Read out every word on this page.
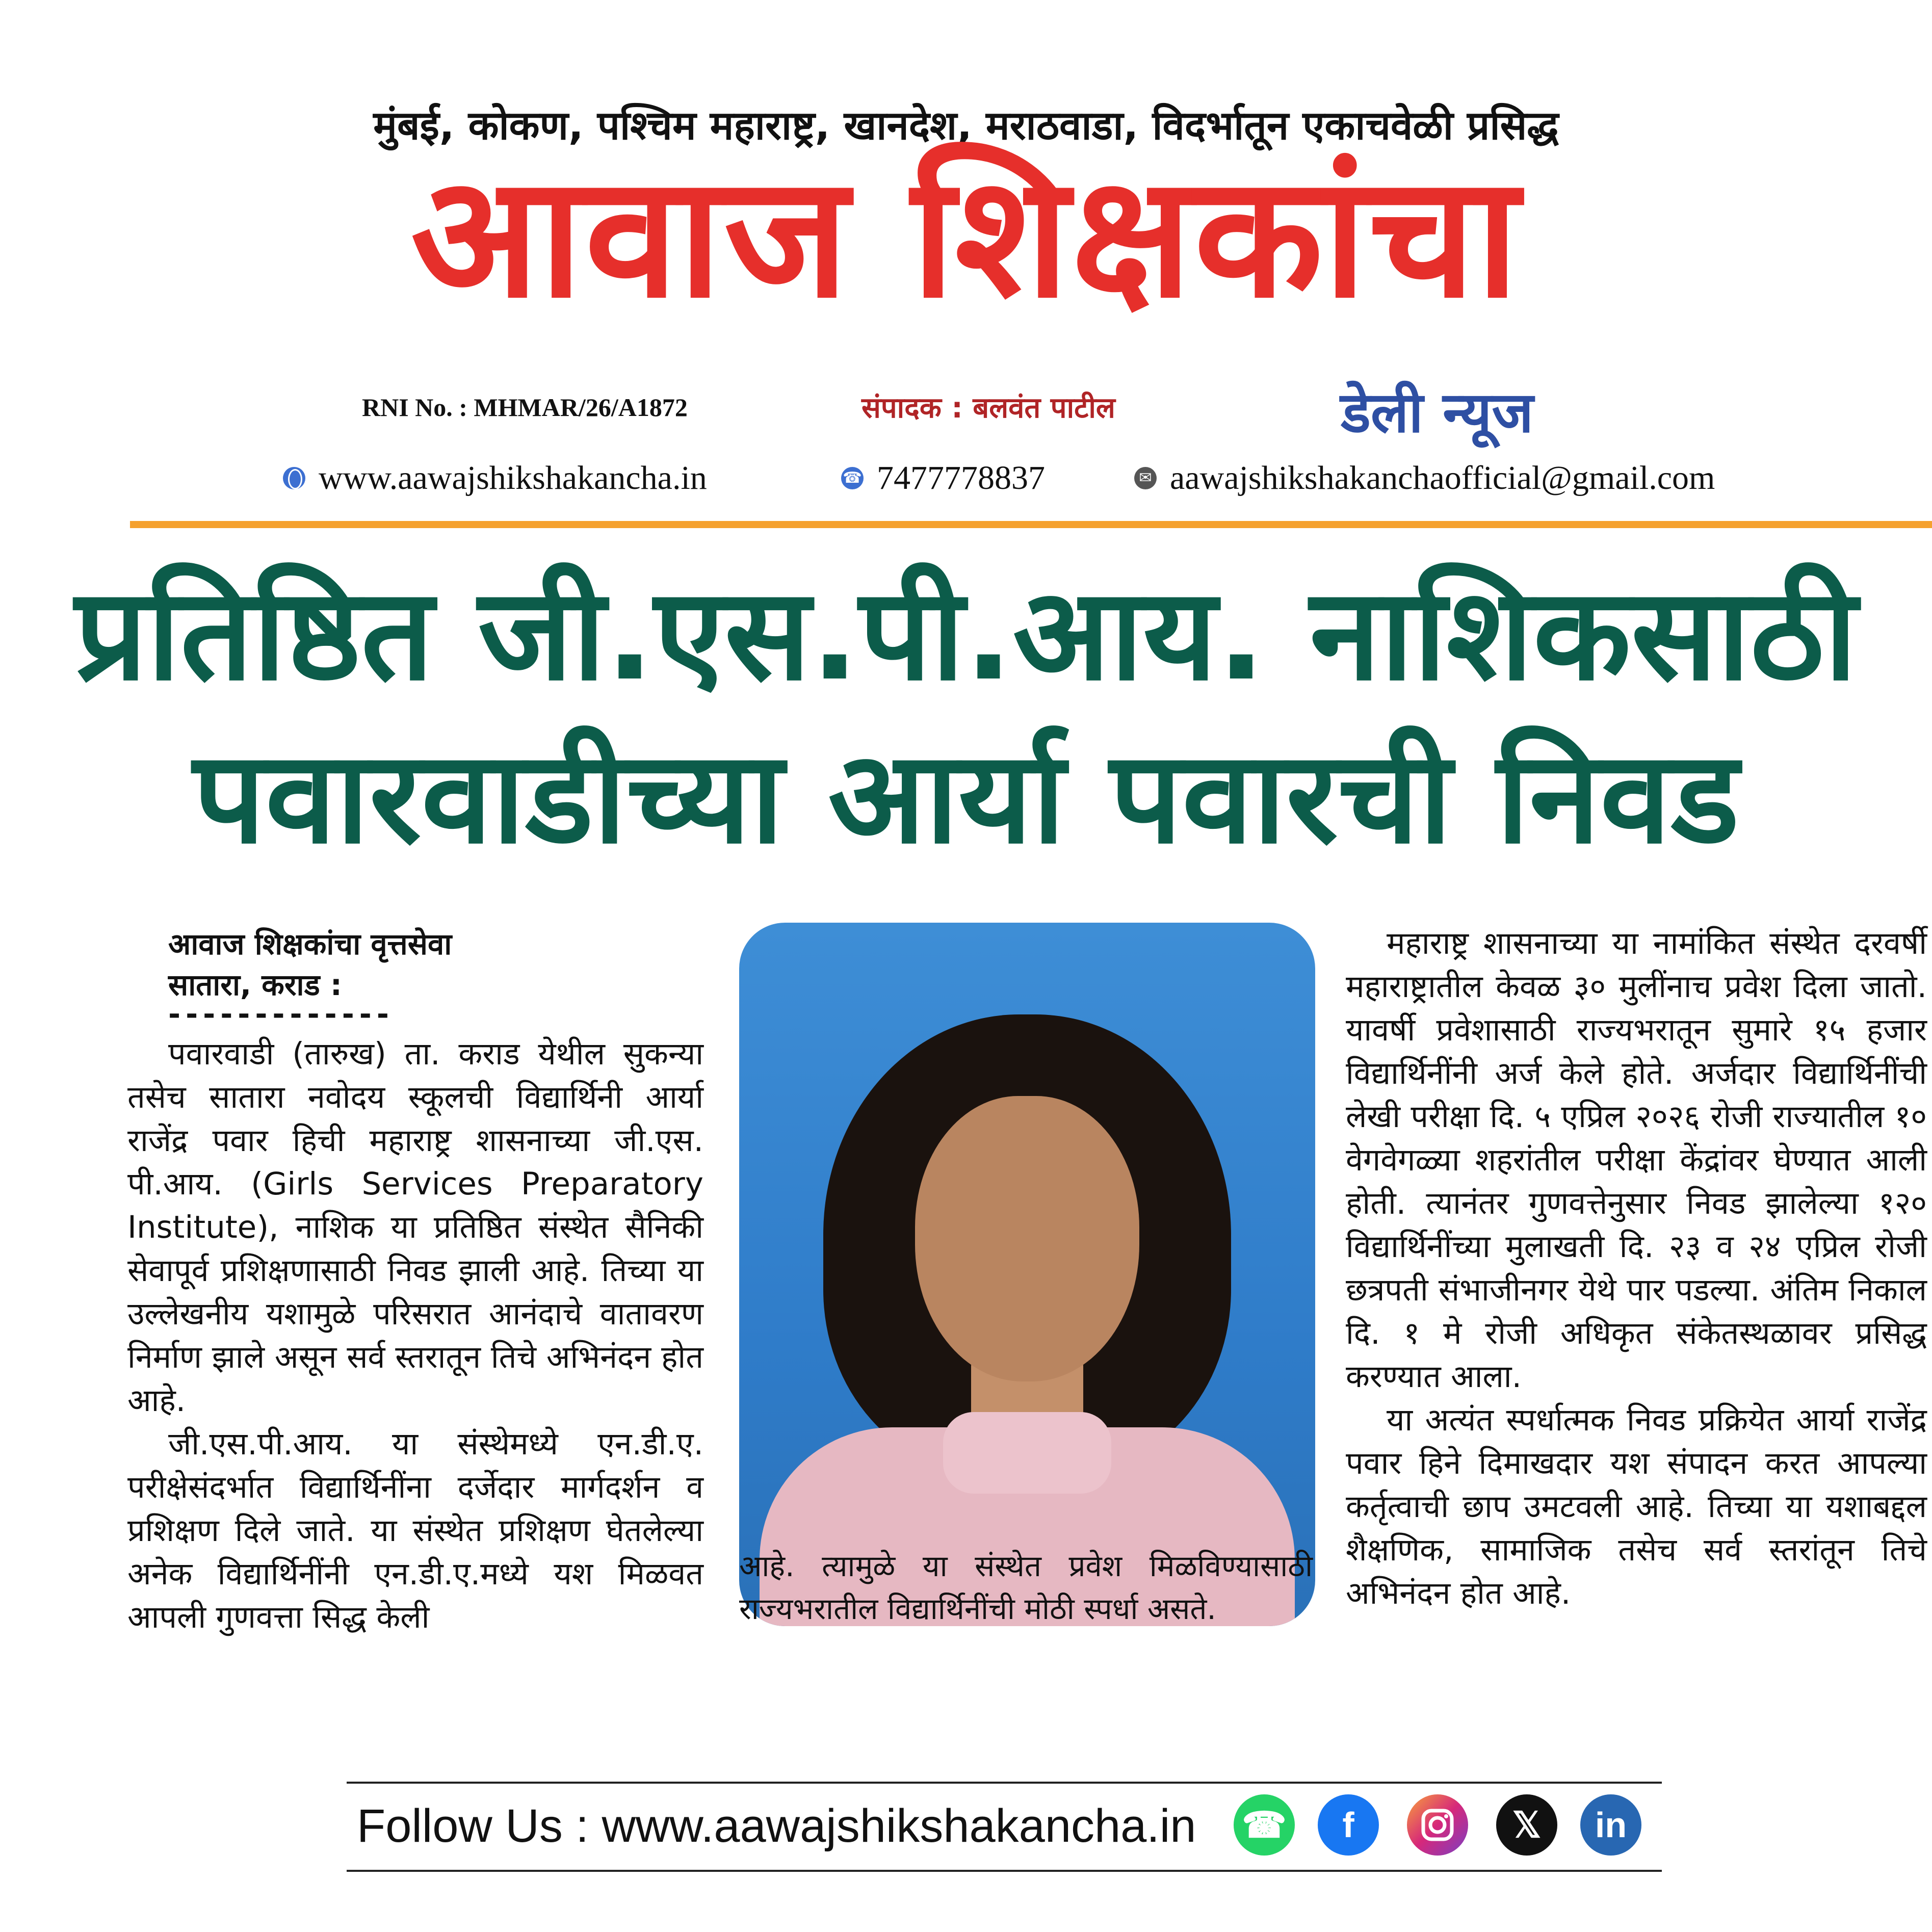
मुंबई, कोकण, पश्चिम महाराष्ट्र, खानदेश, मराठवाडा, विदर्भातून एकाचवेळी प्रसिद्ध
आवाज शिक्षकांचा
RNI No. : MHMAR/26/A1872	संपादक : बलवंत पाटील	डेली न्यूज
www.aawajshikshakancha.in	☎ 7477778837	✉ aawajshikshakanchaofficial@gmail.com
प्रतिष्ठित जी.एस.पी.आय. नाशिकसाठी
पवारवाडीच्या आर्या पवारची निवड
आवाज शिक्षकांचा वृत्तसेवा
सातारा, कराड :
-------------

पवारवाडी (तारुख) ता. कराड येथील सुकन्या तसेच सातारा नवोदय स्कूलची विद्यार्थिनी आर्या राजेंद्र पवार हिची महाराष्ट्र शासनाच्या जी.एस. पी.आय. (Girls Services Preparatory Institute), नाशिक या प्रतिष्ठित संस्थेत सैनिकी सेवापूर्व प्रशिक्षणासाठी निवड झाली आहे. तिच्या या उल्लेखनीय यशामुळे परिसरात आनंदाचे वातावरण निर्माण झाले असून सर्व स्तरातून तिचे अभिनंदन होत आहे.

जी.एस.पी.आय. या संस्थेमध्ये एन.डी.ए. परीक्षेसंदर्भात विद्यार्थिनींना दर्जेदार मार्गदर्शन व प्रशिक्षण दिले जाते. या संस्थेत प्रशिक्षण घेतलेल्या अनेक विद्यार्थिनींनी एन.डी.ए.मध्ये यश मिळवत आपली गुणवत्ता सिद्ध केली

आहे. त्यामुळे या संस्थेत प्रवेश मिळविण्यासाठी राज्यभरातील विद्यार्थिनींची मोठी स्पर्धा असते.

महाराष्ट्र शासनाच्या या नामांकित संस्थेत दरवर्षी महाराष्ट्रातील केवळ ३० मुलींनाच प्रवेश दिला जातो. यावर्षी प्रवेशासाठी राज्यभरातून सुमारे १५ हजार विद्यार्थिनींनी अर्ज केले होते. अर्जदार विद्यार्थिनींची लेखी परीक्षा दि. ५ एप्रिल २०२६ रोजी राज्यातील १० वेगवेगळ्या शहरांतील परीक्षा केंद्रांवर घेण्यात आली होती. त्यानंतर गुणवत्तेनुसार निवड झालेल्या १२० विद्यार्थिनींच्या मुलाखती दि. २३ व २४ एप्रिल रोजी छत्रपती संभाजीनगर येथे पार पडल्या. अंतिम निकाल दि. १ मे रोजी अधिकृत संकेतस्थळावर प्रसिद्ध करण्यात आला.

या अत्यंत स्पर्धात्मक निवड प्रक्रियेत आर्या राजेंद्र पवार हिने दिमाखदार यश संपादन करत आपल्या कर्तृत्वाची छाप उमटवली आहे. तिच्या या यशाबद्दल शैक्षणिक, सामाजिक तसेच सर्व स्तरांतून तिचे अभिनंदन होत आहे.

Follow Us : www.aawajshikshakancha.in ☎	f	𝕏	in
